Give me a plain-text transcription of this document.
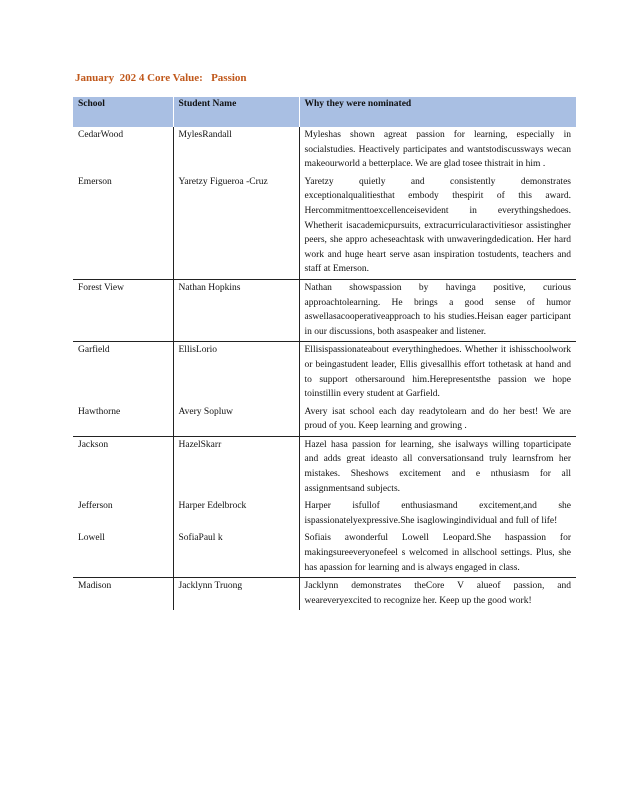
January  202 4 Core Value:   Passion
School	Student Name	Why they were nominated
CedarWood	MylesRandall	Myleshas shown agreat passion for learning, especially in socialstudies. Heactively participates and wantstodiscussways wecan makeourworld a betterplace. We are glad tosee thistrait in him .
Emerson	Yaretzy Figueroa -Cruz	Yaretzy quietly and consistently demonstrates exceptionalqualitiesthat embody thespirit of this award. Hercommitmenttoexcellenceisevident in everythingshedoes. Whetherit isacademicpursuits, extracurricularactivitiesor assistingher peers, she appro acheseachtask with unwaveringdedication. Her hard work and huge heart serve asan inspiration tostudents, teachers and staff at Emerson.
Forest View	Nathan Hopkins	Nathan showspassion by havinga positive, curious approachtolearning. He brings a good sense of humor aswellasacooperativeapproach to his studies.Heisan eager participant in our discussions, both asaspeaker and listener.
Garfield	EllisLorio	Ellisispassionateabout everythinghedoes. Whether it ishisschoolwork or beingastudent leader, Ellis givesallhis effort tothetask at hand and to support othersaround him.Herepresentsthe passion we hope toinstillin every student at Garfield.
Hawthorne	Avery Sopluw	Avery isat school each day readytolearn and do her best! We are proud of you. Keep learning and growing .
Jackson	HazelSkarr	Hazel hasa passion for learning, she isalways willing toparticipate and adds great ideasto all conversationsand truly learnsfrom her mistakes. Sheshows excitement and e nthusiasm for all assignmentsand subjects.
Jefferson	Harper Edelbrock	Harper isfullof enthusiasmand excitement,and she ispassionatelyexpressive.She isaglowingindividual and full of life!
Lowell	SofiaPaul k	Sofiais awonderful Lowell Leopard.She haspassion for makingsureeveryonefeel s welcomed in allschool settings. Plus, she has apassion for learning and is always engaged in class.
Madison	Jacklynn Truong	Jacklynn demonstrates theCore V alueof passion, and weareveryexcited to recognize her. Keep up the good work!
